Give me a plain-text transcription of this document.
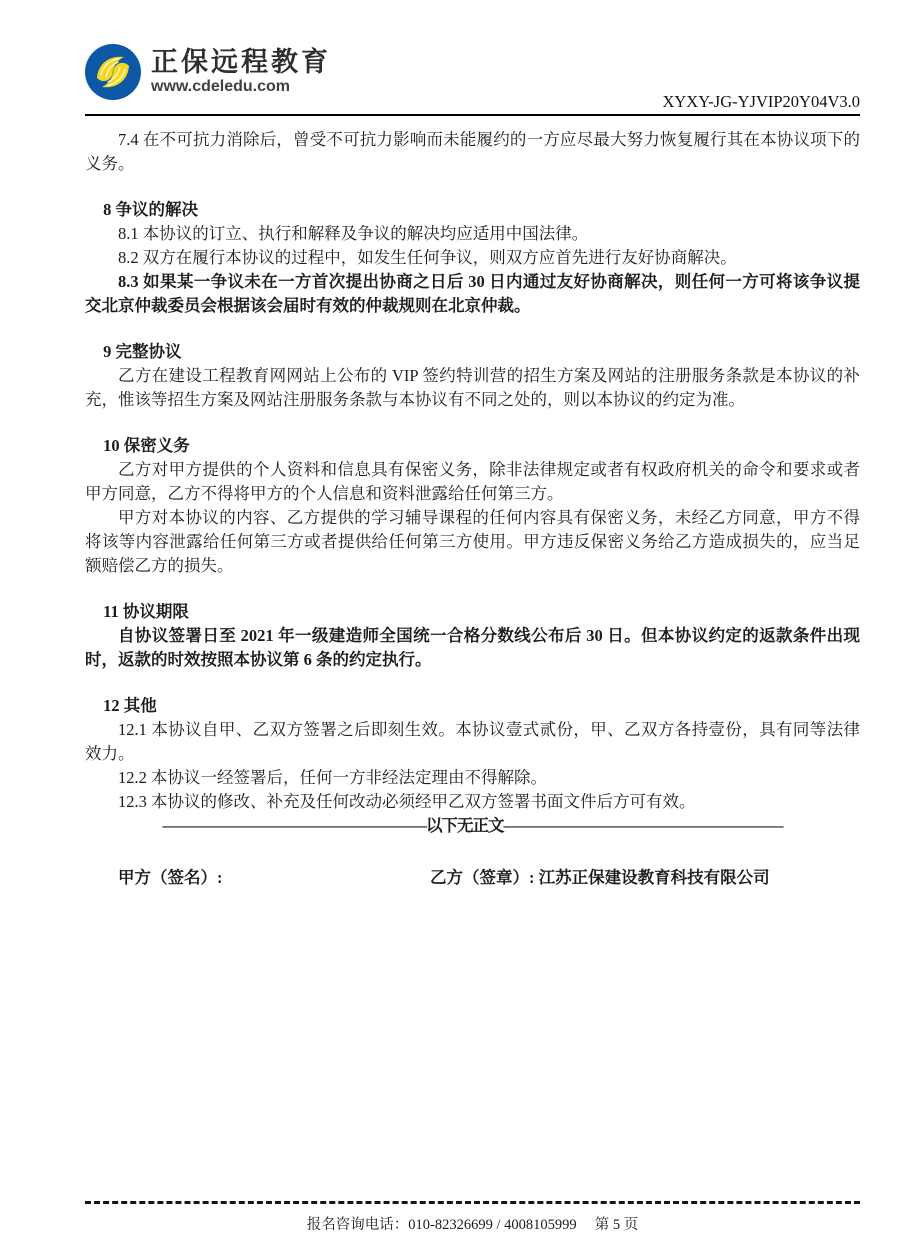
正保远程教育
www.cdeledu.com
XYXY-JG-YJVIP20Y04V3.0

7.4 在不可抗力消除后，曾受不可抗力影响而未能履约的一方应尽最大努力恢复履行其在本协议项下的义务。

8 争议的解决

8.1 本协议的订立、执行和解释及争议的解决均应适用中国法律。

8.2 双方在履行本协议的过程中，如发生任何争议，则双方应首先进行友好协商解决。

8.3 如果某一争议未在一方首次提出协商之日后 30 日内通过友好协商解决，则任何一方可将该争议提交北京仲裁委员会根据该会届时有效的仲裁规则在北京仲裁。

9 完整协议

乙方在建设工程教育网网站上公布的 VIP 签约特训营的招生方案及网站的注册服务条款是本协议的补充，惟该等招生方案及网站注册服务条款与本协议有不同之处的，则以本协议的约定为准。

10 保密义务

乙方对甲方提供的个人资料和信息具有保密义务，除非法律规定或者有权政府机关的命令和要求或者甲方同意，乙方不得将甲方的个人信息和资料泄露给任何第三方。

甲方对本协议的内容、乙方提供的学习辅导课程的任何内容具有保密义务，未经乙方同意，甲方不得将该等内容泄露给任何第三方或者提供给任何第三方使用。甲方违反保密义务给乙方造成损失的，应当足额赔偿乙方的损失。

11 协议期限

自协议签署日至 2021 年一级建造师全国统一合格分数线公布后 30 日。但本协议约定的返款条件出现时，返款的时效按照本协议第 6 条的约定执行。

12 其他

12.1 本协议自甲、乙双方签署之后即刻生效。本协议壹式贰份，甲、乙双方各持壹份，具有同等法律效力。

12.2 本协议一经签署后，任何一方非经法定理由不得解除。

12.3 本协议的修改、补充及任何改动必须经甲乙双方签署书面文件后方可有效。

—————————————————以下无正文——————————————————

甲方（签名）:	乙方（签章）: 江苏正保建设教育科技有限公司
报名咨询电话：010-82326699 / 4008105999　 第 5 页
